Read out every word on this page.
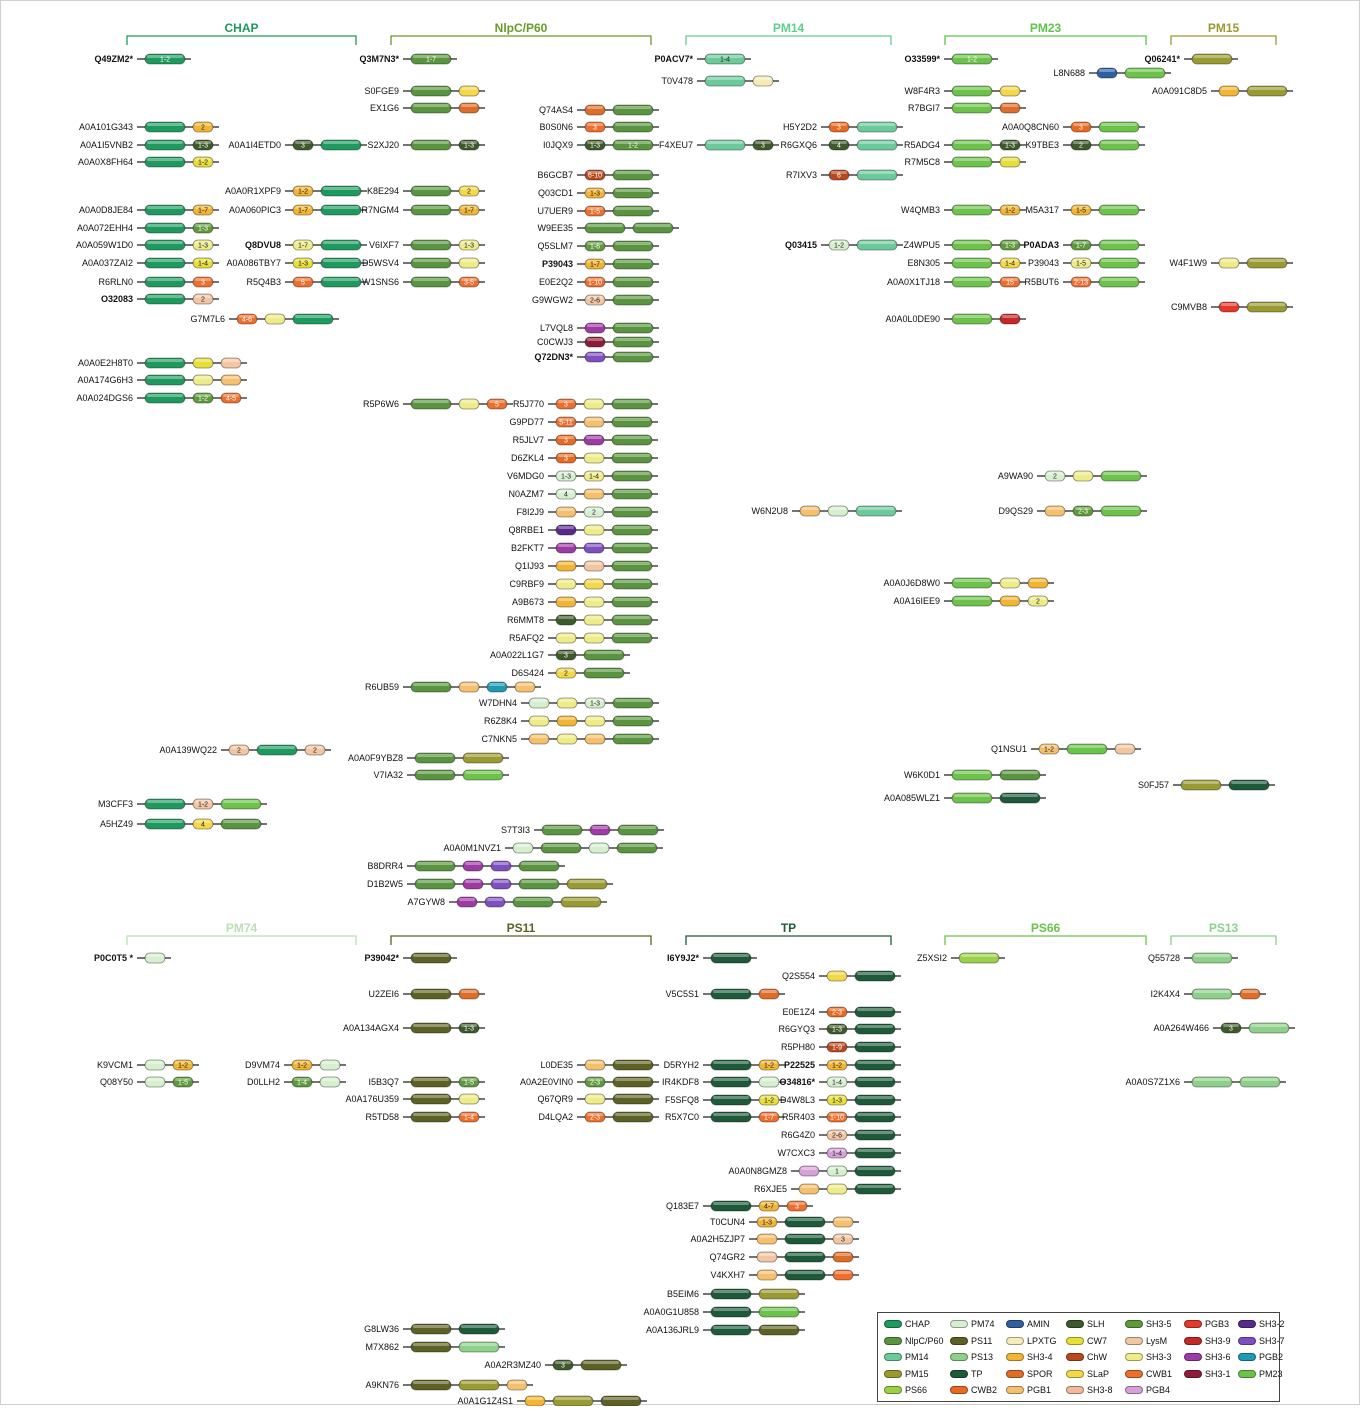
CHAP	NlpC/P60	PM14	PM23	PM15
PM74	PS11	TP	PS66	PS13
Q49ZM2*	1-2
A0A101G343	2
A0A1I5VNB2	1-3
A0A0X8FH64	1-2
A0A1I4ETD0	3
A0A0R1XPF9 1-2
A0A0D8JE84	1-7 A0A060PIC3 1-7
A0A072EHH4	1-3
A0A059W1D0	1-3	Q8DVU8 1-7
A0A037ZAI2	1-4 A0A086TBY7 1-3
R6RLN0	3	R5Q4B3	5
O32083	2
G7M7L6 4-6
A0A0E2H8T0
A0A174G6H3
A0A024DGS6	1-2	4-5
Q3M7N3*	1-7
S0FGE9
EX1G6
S2XJ20	1-3
K8E294	2
R7NGM4	1-7
V6IXF7	1-3
D5WSV4
W1SNS6	3-5
Q74AS4
B0S0N6	3
I0JQX9 1-3	1-2
B6GCB7 6-10
Q03CD1 1-3
U7UER9 1-5
W9EE35
Q5SLM7 1-6
P39043 1-7
E0E2Q2 1-10
G9WGW2 2-6
L7VQL8
C0CWJ3
Q72DN3*
R5P6W6	5 R5J770	3
G9PD77 5-11
R5JLV7	3
D6ZKL4	3
V6MDG0 1-3	1-4
N0AZM7	4
F8I2J9	2
Q8RBE1
B2FKT7
Q1IJ93
C9RBF9
A9B673
R6MMT8
R5AFQ2
A0A022L1G7	3
D6S424	2
R6UB59
W7DHN4	1-3
R6Z8K4
C7NKN5
A0A139WQ22	2	2
A0A0F9YBZ8
V7IA32
M3CFF3	1-2
A5HZ49	4	S7T3I3
A0A0M1NVZ1
B8DRR4
D1B2W5
A7GYW8
P0ACV7*	1-4
T0V478
F4XEU7	3
H5Y2D2	3
R6GXQ6	4
R7IXV3	6
Q03415 1-2
W6N2U8
O33599*	1-2
L8N688
W8F4R3
R7BGI7
A0A0Q8CN60	3
R5ADG4	1-3 K9TBE3	2
R7M5C8
W4QMB3	1-2 M5A317 1-5
Z4WPU5	1-3 P0ADA3 1-7
E8N305	1-4 P39043 1-5
A0A0X1TJ18	15 R5BUT6 2-13
A0A0L0DE90
A9WA90	2
D9QS29	2-3
A0A0J6D8W0
A0A16IEE9	2
Q1NSU1 1-2
W6K0D1
A0A085WLZ1
Q06241*
A0A091C8D5
W4F1W9
C9MVB8
S0FJ57
P0C0T5 *
K9VCM1	1-2
Q08Y50	1-5
D9VM74 1-2
D0LLH2 1-4
P39042*
U2ZEI6
A0A134AGX4	1-3
I5B3Q7	1-5
A0A176U359
R5TD58	1-4
L0DE35
A0A2E0VIN0 2-3
Q67QR9
D4LQA2 2-3
G8LW36
M7X862
A0A2R3MZ40	3
A9KN76
A0A1G1Z4S1
I6Y9J2*
Q2S554
V5C5S1
E0E1Z4 2-3
R6GYQ3 1-3
R5PH80 1-9
D5RYH2	1-2 P22525 1-2
IR4KDF8	O34816* 1-4
F5SFQ8	1-2 D4W8L3 1-3
R5X7C0	1-7 R5R403 1-10
R6G4Z0 2-6
W7CXC3 1-4
A0A0N8GMZ8	1
R6XJE5
Q183E7	4-7	3
T0CUN4 1-3
A0A2H5ZJP7	3
Q74GR2
V4KXH7
B5EIM6
A0A0G1U858
A0A136JRL9
Z5XSI2	Q55728
I2K4X4
A0A264W466	3
A0A0S7Z1X6
CHAP	PM74	AMIN	SLH	SH3-5	PGB3	SH3-2
NlpC/P60	PS11	LPXTG	CW7	LysM	SH3-9	SH3-7
PM14	PS13	SH3-4	ChW	SH3-3	SH3-6	PGB2
PM15	TP	SPOR	SLaP	CWB1	SH3-1	PM23
PS66	CWB2	PGB1	SH3-8	PGB4
